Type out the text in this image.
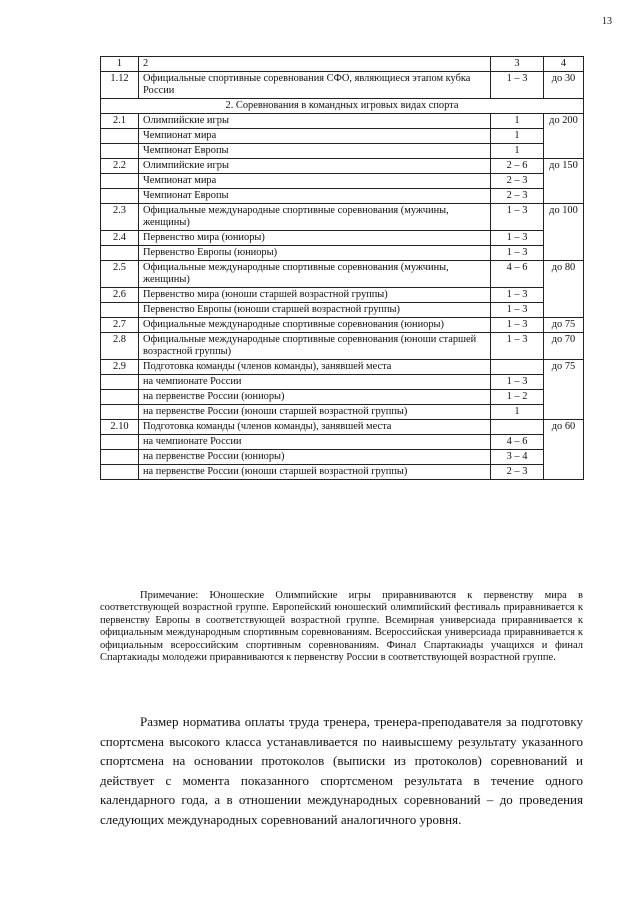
13
1	2	3	4
1.12	Официальные спортивные соревнования СФО, являющиеся этапом кубка России	1 – 3	до 30
2. Соревнования в командных игровых видах спорта			
2.1	Олимпийские игры	1	до 200
	Чемпионат мира	1	
	Чемпионат Европы	1	
2.2	Олимпийские игры	2 – 6	до 150
	Чемпионат мира	2 – 3	
	Чемпионат Европы	2 – 3	
2.3	Официальные международные спортивные соревнования (мужчины, женщины)	1 – 3	до 100
2.4	Первенство мира (юниоры)	1 – 3	
	Первенство Европы (юниоры)	1 – 3	
2.5	Официальные международные спортивные соревнования (мужчины, женщины)	4 – 6	до 80
2.6	Первенство мира (юноши старшей возрастной группы)	1 – 3	
	Первенство Европы (юноши старшей возрастной группы)	1 – 3	
2.7	Официальные международные спортивные соревнования (юниоры)	1 – 3	до 75
2.8	Официальные международные спортивные соревнования (юноши старшей возрастной группы)	1 – 3	до 70
2.9	Подготовка команды (членов команды), занявшей места		до 75
	на чемпионате России	1 – 3	
	на первенстве России (юниоры)	1 – 2	
	на первенстве России (юноши старшей возрастной группы)	1	
2.10	Подготовка команды (членов команды), занявшей места		до 60
	на чемпионате России	4 – 6	
	на первенстве России (юниоры)	3 – 4	
	на первенстве России (юноши старшей возрастной группы)	2 – 3	

Примечание: Юношеские Олимпийские игры приравниваются к первенству мира в соответствующей возрастной группе. Европейский юношеский олимпийский фестиваль приравнивается к первенству Европы в соответствующей возрастной группе. Всемирная универсиада приравнивается к официальным международным спортивным соревнованиям. Всероссийская универсиада приравнивается к официальным всероссийским спортивным соревнованиям. Финал Спартакиады учащихся и финал Спартакиады молодежи приравниваются к первенству России в соответствующей возрастной группе.

Размер норматива оплаты труда тренера, тренера-преподавателя за подготовку спортсмена высокого класса устанавливается по наивысшему результату указанного спортсмена на основании протоколов (выписки из протоколов) соревнований и действует с момента показанного спортсменом результата в течение одного календарного года, а в отношении международных соревнований – до проведения следующих международных соревнований аналогичного уровня.
